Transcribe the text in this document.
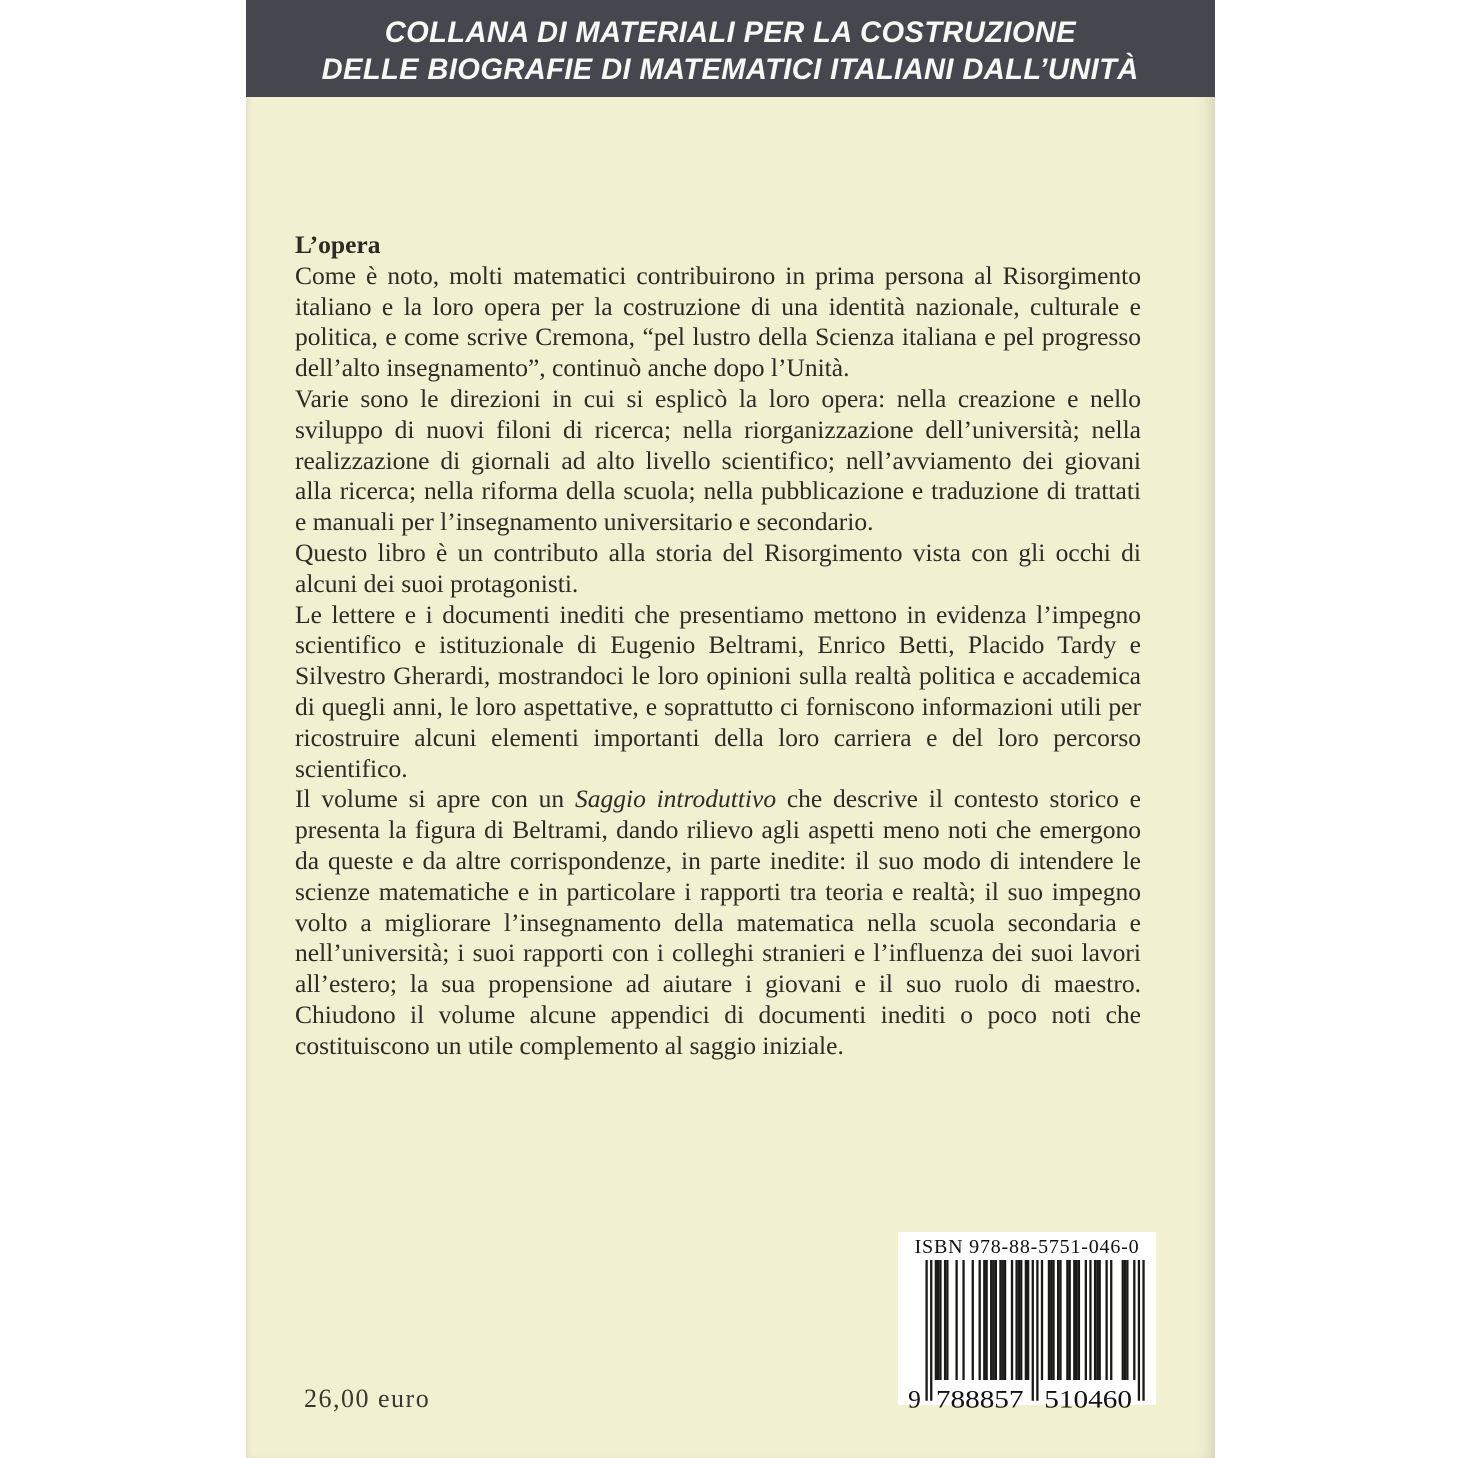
COLLANA DI MATERIALI PER LA COSTRUZIONE
DELLE BIOGRAFIE DI MATEMATICI ITALIANI DALL’UNITÀ
L’opera

Come è noto, molti matematici contribuirono in prima persona al Risorgimento italiano e la loro opera per la costruzione di una identità nazionale, culturale e politica, e come scrive Cremona, “pel lustro della Scienza italiana e pel progresso dell’alto insegnamento”, continuò anche dopo l’Unità.

Varie sono le direzioni in cui si esplicò la loro opera: nella creazione e nello sviluppo di nuovi filoni di ricerca; nella riorganizzazione dell’università; nella realizzazione di giornali ad alto livello scientifico; nell’avviamento dei giovani alla ricerca; nella riforma della scuola; nella pubblicazione e traduzione di trattati e manuali per l’insegnamento universitario e secondario.

Questo libro è un contributo alla storia del Risorgimento vista con gli occhi di alcuni dei suoi protagonisti.

Le lettere e i documenti inediti che presentiamo mettono in evidenza l’impegno scientifico e istituzionale di Eugenio Beltrami, Enrico Betti, Placido Tardy e Silvestro Gherardi, mostrandoci le loro opinioni sulla realtà politica e accademica di quegli anni, le loro aspettative, e soprattutto ci forniscono informazioni utili per ricostruire alcuni elementi importanti della loro carriera e del loro percorso scientifico.

Il volume si apre con un Saggio introduttivo che descrive il contesto storico e presenta la figura di Beltrami, dando rilievo agli aspetti meno noti che emergono da queste e da altre corrispondenze, in parte inedite: il suo modo di intendere le scienze matematiche e in particolare i rapporti tra teoria e realtà; il suo impegno volto a migliorare l’insegnamento della matematica nella scuola secondaria e nell’università; i suoi rapporti con i colleghi stranieri e l’influenza dei suoi lavori all’estero; la sua propensione ad aiutare i giovani e il suo ruolo di maestro. Chiudono il volume alcune appendici di documenti inediti o poco noti che costituiscono un utile complemento al saggio iniziale.

ISBN 978-88-5751-046-0
9 788857 510460
26,00 euro
